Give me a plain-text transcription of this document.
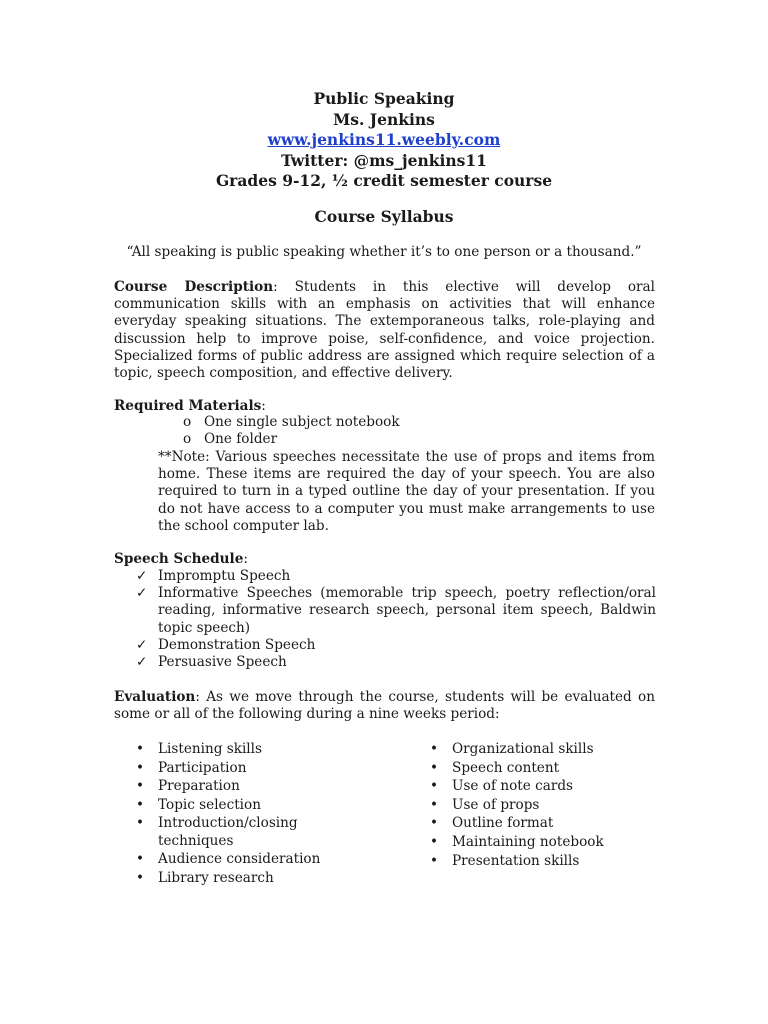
Public Speaking
Ms. Jenkins
www.jenkins11.weebly.com
Twitter: @ms_jenkins11
Grades 9-12, ½ credit semester course
Course Syllabus
“All speaking is public speaking whether it’s to one person or a thousand.”
Course Description: Students in this elective will develop oral communication skills with an emphasis on activities that will enhance everyday speaking situations. The extemporaneous talks, role-playing and discussion help to improve poise, self-confidence, and voice projection. Specialized forms of public address are assigned which require selection of a topic, speech composition, and effective delivery.
Required Materials:
o One single subject notebook
o One folder
**Note: Various speeches necessitate the use of props and items from home. These items are required the day of your speech. You are also required to turn in a typed outline the day of your presentation. If you do not have access to a computer you must make arrangements to use the school computer lab.
Speech Schedule:
✓ Impromptu Speech
✓ Informative Speeches (memorable trip speech, poetry reflection/oral reading, informative research speech, personal item speech, Baldwin topic speech)
✓ Demonstration Speech
✓ Persuasive Speech
Evaluation: As we move through the course, students will be evaluated on some or all of the following during a nine weeks period:
• Listening skills
• Participation
• Preparation
• Topic selection
• Introduction/closing techniques
• Audience consideration
• Library research
• Organizational skills
• Speech content
• Use of note cards
• Use of props
• Outline format
• Maintaining notebook
• Presentation skills
